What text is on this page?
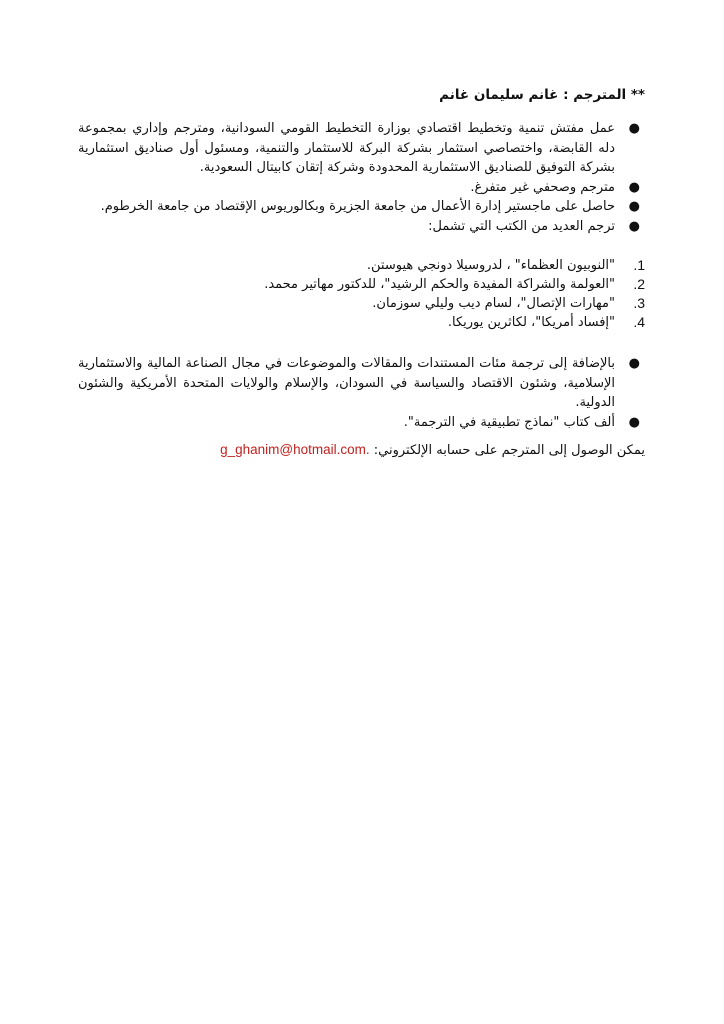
** المترجم : غانم سليمان غانم
●
عمل مفتش تنمية وتخطيط اقتصادي بوزارة التخطيط القومي السودانية، ومترجم وإداري بمجموعة دله القابضة، واختصاصي استثمار بشركة البركة للاستثمار والتنمية، ومسئول أول صناديق استثمارية بشركة التوفيق للصناديق الاستثمارية المحدودة وشركة إتقان كابيتال السعودية.
●
مترجم وصحفي غير متفرغ.
●
حاصل على ماجستير إدارة الأعمال من جامعة الجزيرة وبكالوريوس الإقتصاد من جامعة الخرطوم.
●
ترجم العديد من الكتب التي تشمل:
1.
"النوبيون العظماء" ، لدروسيلا دونجي هيوستن.
2.
"العولمة والشراكة المفيدة والحكم الرشيد"، للدكتور مهاتير محمد.
3.
"مهارات الإتصال"، لسام ديب وليلي سوزمان.
4.
"إفساد أمريكا"، لكاثرين يوريكا.
●
بالإضافة إلى ترجمة مئات المستندات والمقالات والموضوعات في مجال الصناعة المالية والاستثمارية الإسلامية، وشئون الاقتصاد والسياسة في السودان، والإسلام والولايات المتحدة الأمريكية والشئون الدولية.
●
ألف كتاب "نماذج تطبيقية في الترجمة".
يمكن الوصول إلى المترجم على حسابه الإلكتروني: g_ghanim@hotmail.com.
